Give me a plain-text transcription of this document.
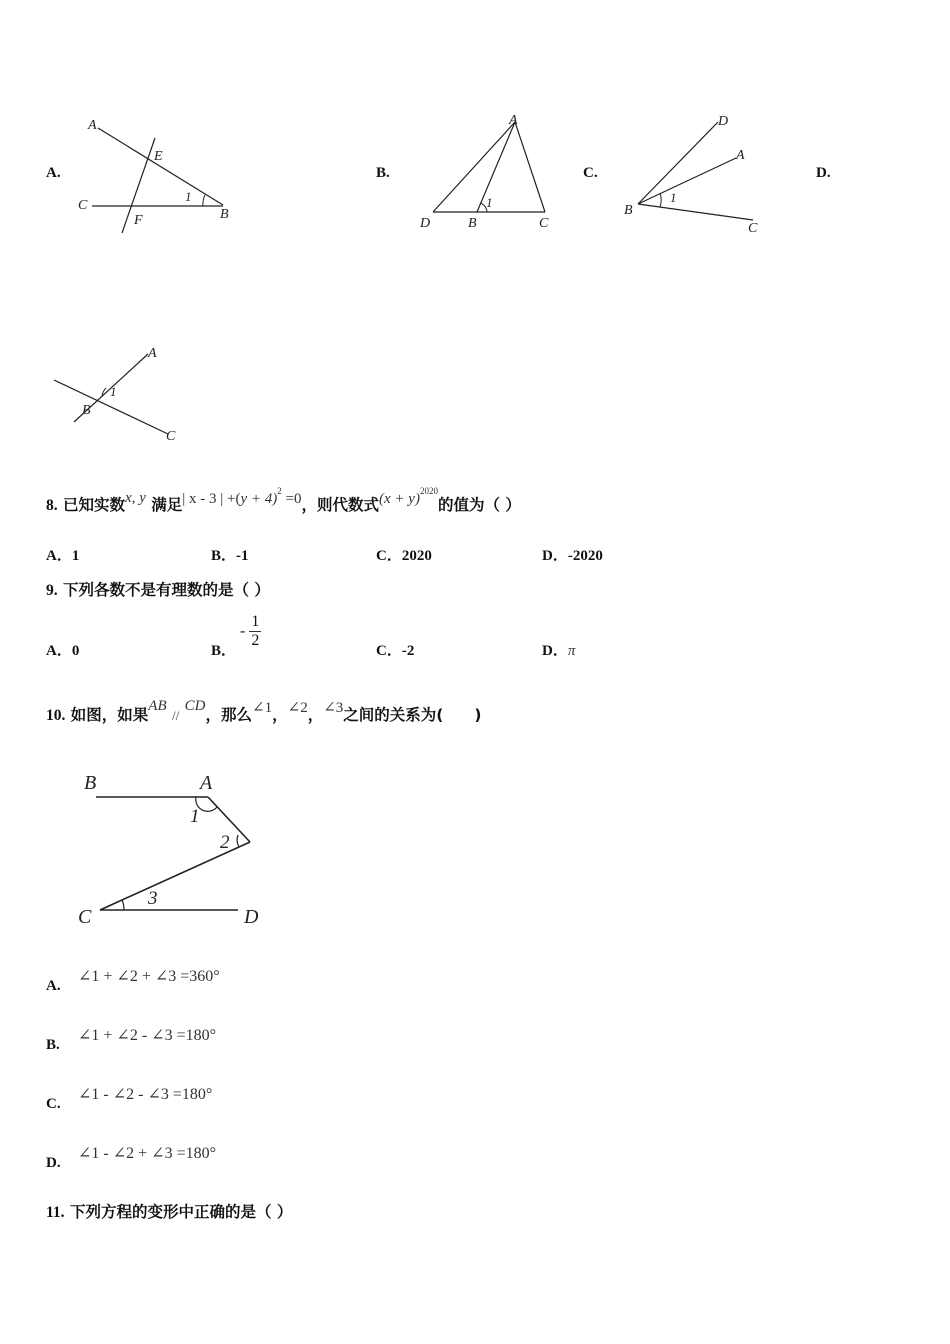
A.
A
E
C
F	B
1
B.
A
D	B	C
1
C.
D
A
B
C
1
D.
A
B
C
1
8. 已知实数x, y 满足| x - 3 | $+(y + 4)^2 =0$，则代数式$(x + y)^{2020}$的值为（ ）
A．1	B．-1	C．2020	D．-2020
9. 下列各数不是有理数的是（ ）
A．0	B．
- $\frac{1}{2}$
C．-2	D．π
10. 如图，如果AB // CD，那么∠1，∠2，∠3之间的关系为(　　)
B	A
1
2
3
C	D
A.
∠1 + ∠2 + ∠3 =360°
B.
∠1 + ∠2 - ∠3 =180°
C.
∠1 - ∠2 - ∠3 =180°
D.
∠1 - ∠2 + ∠3 =180°
11. 下列方程的变形中正确的是（ ）
